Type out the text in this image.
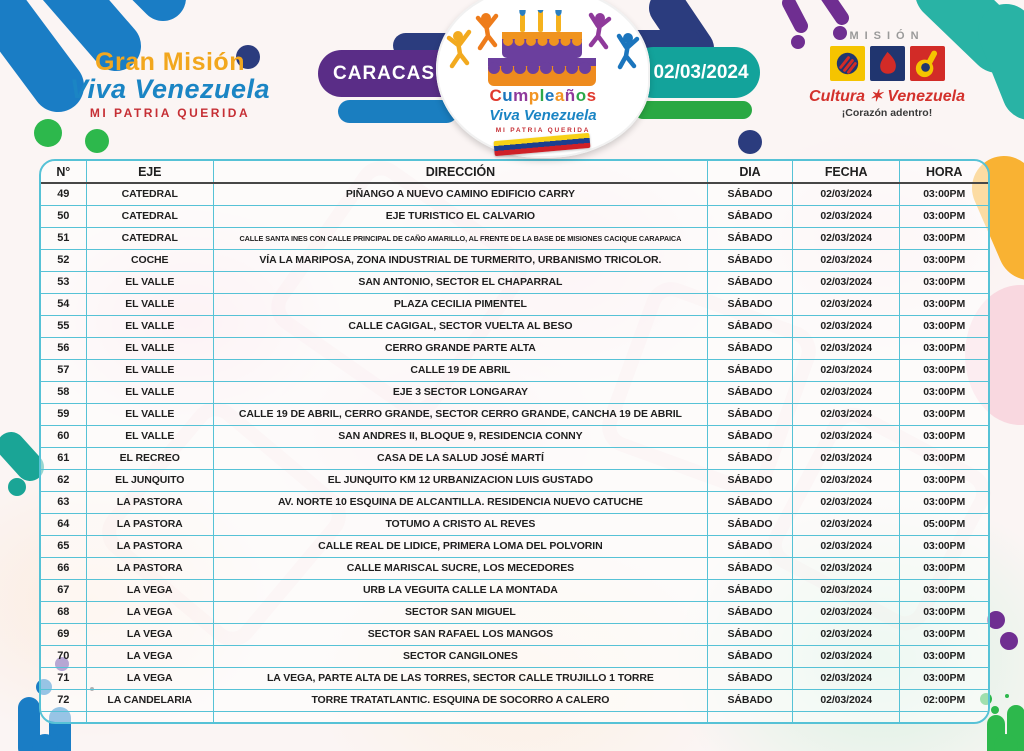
Gran Misión
Viva Venezuela
MI PATRIA QUERIDA
CARACAS	02/03/2024
Cumpleaños
Viva Venezuela
MI PATRIA QUERIDA
MISIÓN
Cultura ✶ Venezuela
¡Corazón adentro!
N°	EJE	DIRECCIÓN	DIA	FECHA	HORA
49	CATEDRAL	PIÑANGO A NUEVO CAMINO EDIFICIO CARRY	SÁBADO	02/03/2024	03:00PM
50	CATEDRAL	EJE TURISTICO EL CALVARIO	SÁBADO	02/03/2024	03:00PM
51	CATEDRAL	CALLE SANTA INES CON CALLE PRINCIPAL DE CAÑO AMARILLO, AL FRENTE DE LA BASE DE MISIONES CACIQUE CARAPAICA	SÁBADO	02/03/2024	03:00PM
52	COCHE	VÍA LA MARIPOSA, ZONA INDUSTRIAL DE TURMERITO, URBANISMO TRICOLOR.	SÁBADO	02/03/2024	03:00PM
53	EL VALLE	SAN ANTONIO, SECTOR EL CHAPARRAL	SÁBADO	02/03/2024	03:00PM
54	EL VALLE	PLAZA CECILIA PIMENTEL	SÁBADO	02/03/2024	03:00PM
55	EL VALLE	CALLE CAGIGAL, SECTOR VUELTA AL BESO	SÁBADO	02/03/2024	03:00PM
56	EL VALLE	CERRO GRANDE PARTE ALTA	SÁBADO	02/03/2024	03:00PM
57	EL VALLE	CALLE 19 DE ABRIL	SÁBADO	02/03/2024	03:00PM
58	EL VALLE	EJE 3 SECTOR LONGARAY	SÁBADO	02/03/2024	03:00PM
59	EL VALLE	CALLE 19 DE ABRIL, CERRO GRANDE, SECTOR CERRO GRANDE, CANCHA 19 DE ABRIL	SÁBADO	02/03/2024	03:00PM
60	EL VALLE	SAN ANDRES II, BLOQUE 9, RESIDENCIA CONNY	SÁBADO	02/03/2024	03:00PM
61	EL RECREO	CASA DE LA SALUD JOSÉ MARTÍ	SÁBADO	02/03/2024	03:00PM
62	EL JUNQUITO	EL JUNQUITO KM 12 URBANIZACION LUIS GUSTADO	SÁBADO	02/03/2024	03:00PM
63	LA PASTORA	AV. NORTE 10 ESQUINA DE ALCANTILLA. RESIDENCIA NUEVO CATUCHE	SÁBADO	02/03/2024	03:00PM
64	LA PASTORA	TOTUMO A CRISTO AL REVES	SÁBADO	02/03/2024	05:00PM
65	LA PASTORA	CALLE REAL DE LIDICE, PRIMERA LOMA DEL POLVORIN	SÁBADO	02/03/2024	03:00PM
66	LA PASTORA	CALLE MARISCAL SUCRE, LOS MECEDORES	SÁBADO	02/03/2024	03:00PM
67	LA VEGA	URB LA VEGUITA CALLE LA MONTADA	SÁBADO	02/03/2024	03:00PM
68	LA VEGA	SECTOR SAN MIGUEL	SÁBADO	02/03/2024	03:00PM
69	LA VEGA	SECTOR SAN RAFAEL LOS MANGOS	SÁBADO	02/03/2024	03:00PM
70	LA VEGA	SECTOR CANGILONES	SÁBADO	02/03/2024	03:00PM
71	LA VEGA	LA VEGA, PARTE ALTA DE LAS TORRES, SECTOR CALLE TRUJILLO 1 TORRE	SÁBADO	02/03/2024	03:00PM
72	LA CANDELARIA	TORRE TRATATLANTIC. ESQUINA DE SOCORRO A CALERO	SÁBADO	02/03/2024	02:00PM
